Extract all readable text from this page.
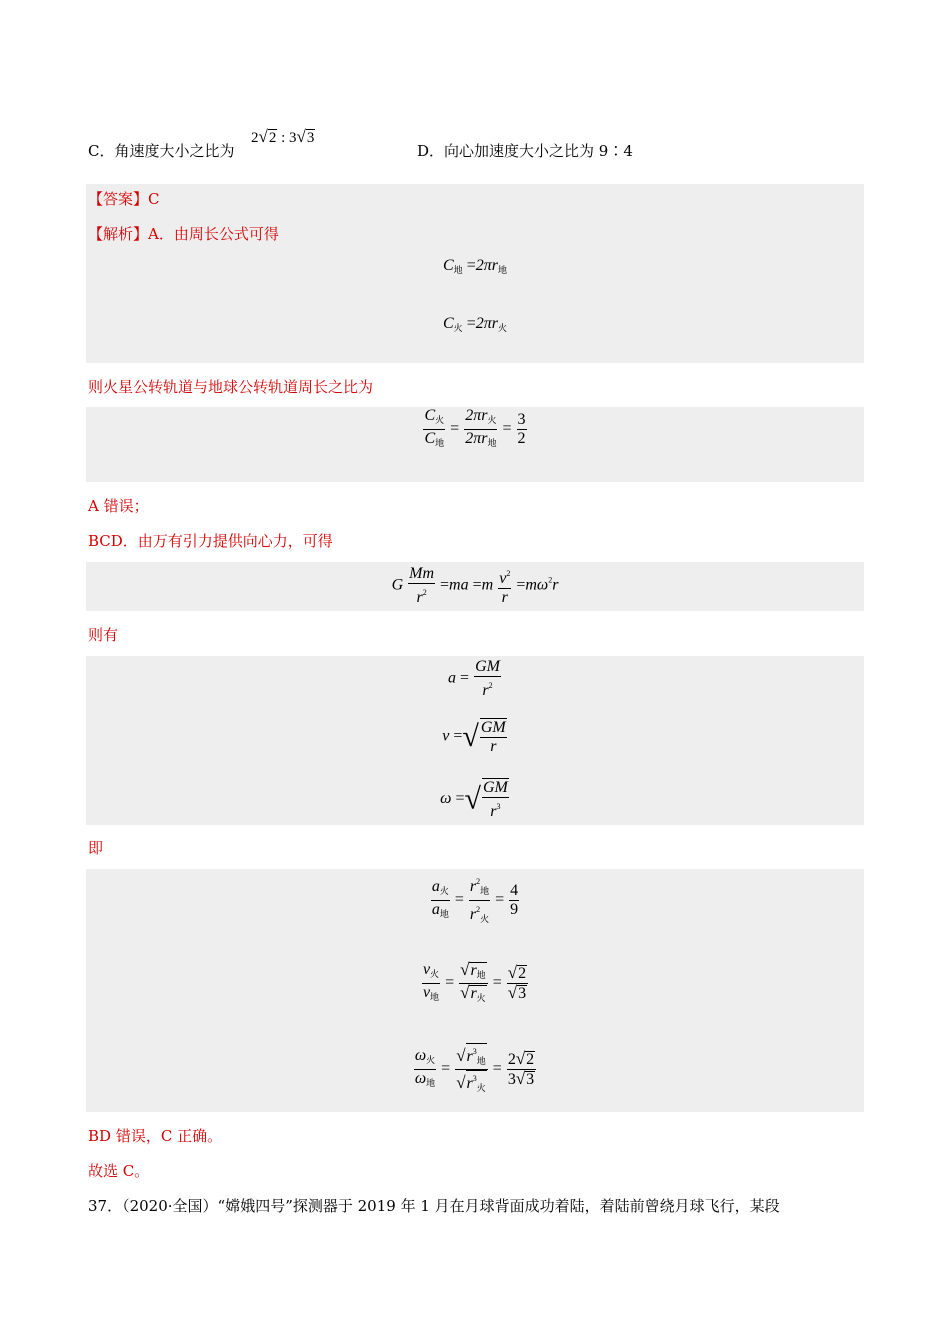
C．角速度大小之比为
2√2 : 3√3
D．向心加速度大小之比为 9∶4
【答案】C
【解析】A．由周长公式可得
$C_地 =2\pi r_地$
$C_火 =2\pi r_火$
则火星公转轨道与地球公转轨道周长之比为
$\frac{C_火}{C_地} = \frac{2\pi r_火}{2\pi r_地} = \frac{3}{2}$
A 错误；
BCD．由万有引力提供向心力，可得
G $\frac{Mm}{r^2} =ma =m \frac{v^2}{r} =m\omega^2r$
则有
$a = \frac{GM}{r^2}$
v =√ $\frac{GM}{r}$
ω =√ $\frac{GM}{r^3}$
即
$\frac{a_火}{a_地} = \frac{r^2_地}{r^2_火} = \frac{4}{9}$
$\frac{v_火}{v_地} = \frac{√r_地}{√r_火} = \frac{√2}{√3}$
$\frac{\omega_火}{\omega_地} = \frac{√r^3_地}{√r^3_火} = \frac{2√2}{3√3}$
BD 错误，C 正确。
故选 C。
37．（2020·全国）“嫦娥四号”探测器于 2019 年 1 月在月球背面成功着陆，着陆前曾绕月球飞行，某段
